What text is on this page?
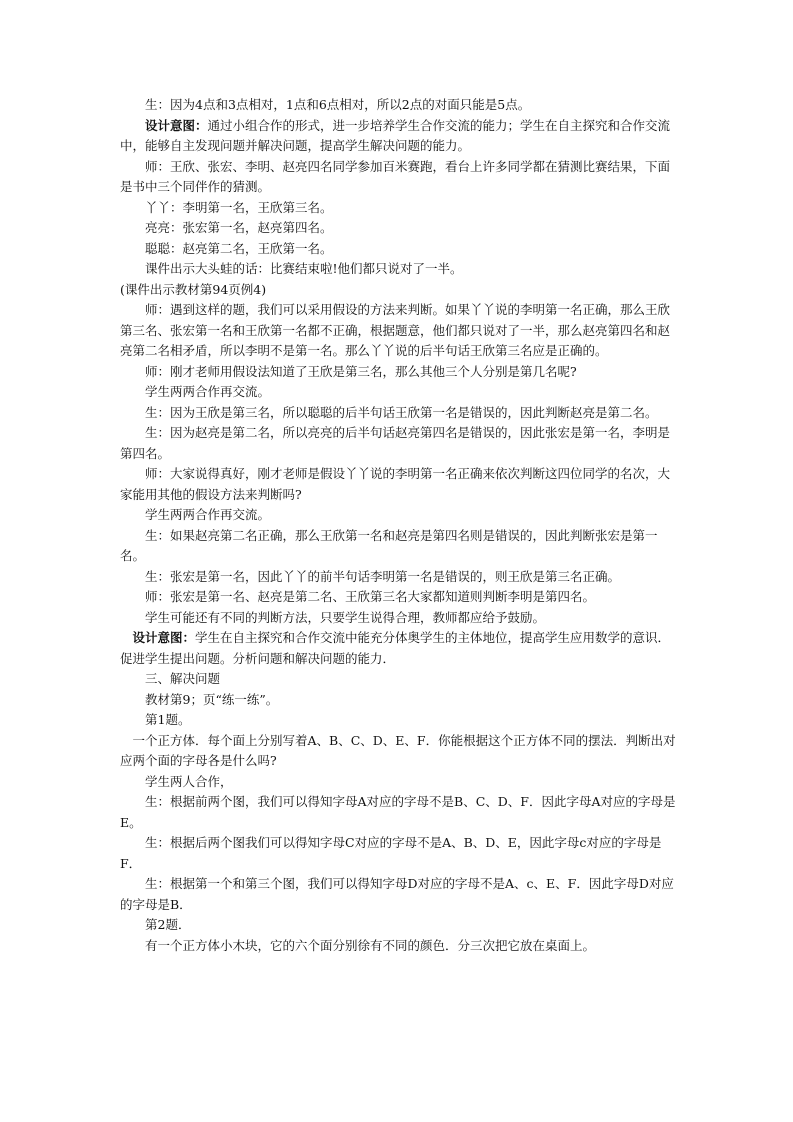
生：因为4点和3点相对，1点和6点相对，所以2点的对面只能是5点。

设计意图：通过小组合作的形式，进一步培养学生合作交流的能力；学生在自主探究和合作交流中，能够自主发现问题并解决问题，提高学生解决问题的能力。

师：王欣、张宏、李明、赵亮四名同学参加百米赛跑，看台上许多同学都在猜测比赛结果，下面是书中三个同伴作的猜测。

丫丫：李明第一名，王欣第三名。

亮亮：张宏第一名，赵亮第四名。

聪聪：赵亮第二名，王欣第一名。

课件出示大头蛙的话：比赛结束啦!他们都只说对了一半。

(课件出示教材第94页例4)

师：遇到这样的题，我们可以采用假设的方法来判断。如果丫丫说的李明第一名正确，那么王欣第三名、张宏第一名和王欣第一名都不正确，根据题意，他们都只说对了一半，那么赵亮第四名和赵亮第二名相矛盾，所以李明不是第一名。那么丫丫说的后半句话王欣第三名应是正确的。

师：刚才老师用假设法知道了王欣是第三名，那么其他三个人分别是第几名呢?

学生两两合作再交流。

生：因为王欣是第三名，所以聪聪的后半句话王欣第一名是错误的，因此判断赵亮是第二名。

生：因为赵亮是第二名，所以亮亮的后半句话赵亮第四名是错误的，因此张宏是第一名，李明是第四名。

师：大家说得真好，刚才老师是假设丫丫说的李明第一名正确来依次判断这四位同学的名次，大家能用其他的假设方法来判断吗?

学生两两合作再交流。

生：如果赵亮第二名正确，那么王欣第一名和赵亮是第四名则是错误的，因此判断张宏是第一名。

生：张宏是第一名，因此丫丫的前半句话李明第一名是错误的，则王欣是第三名正确。

师：张宏是第一名、赵亮是第二名、王欣第三名大家都知道则判断李明是第四名。

学生可能还有不同的判断方法，只要学生说得合理，教师都应给予鼓励。

设计意图：学生在自主探究和合作交流中能充分体奥学生的主体地位，提高学生应用数学的意识．促进学生提出问题。分析问题和解决问题的能力．

三、解决问题

教材第9；页“练一练”。

第1题。

一个正方体．每个面上分别写着A、B、C、D、E、F．你能根据这个正方体不同的摆法．判断出对应两个面的字母各是什么吗?

学生两人合作，

生：根据前两个图，我们可以得知字母A对应的字母不是B、C、D、F．因此字母A对应的字母是E。

生：根据后两个图我们可以得知字母C对应的字母不是A、B、D、E，因此字母c对应的字母是F．

生：根据第一个和第三个图，我们可以得知字母D对应的字母不是A、c、E、F．因此字母D对应的字母是B．

第2题．

有一个正方体小木块，它的六个面分别徐有不同的颜色．分三次把它放在桌面上。
